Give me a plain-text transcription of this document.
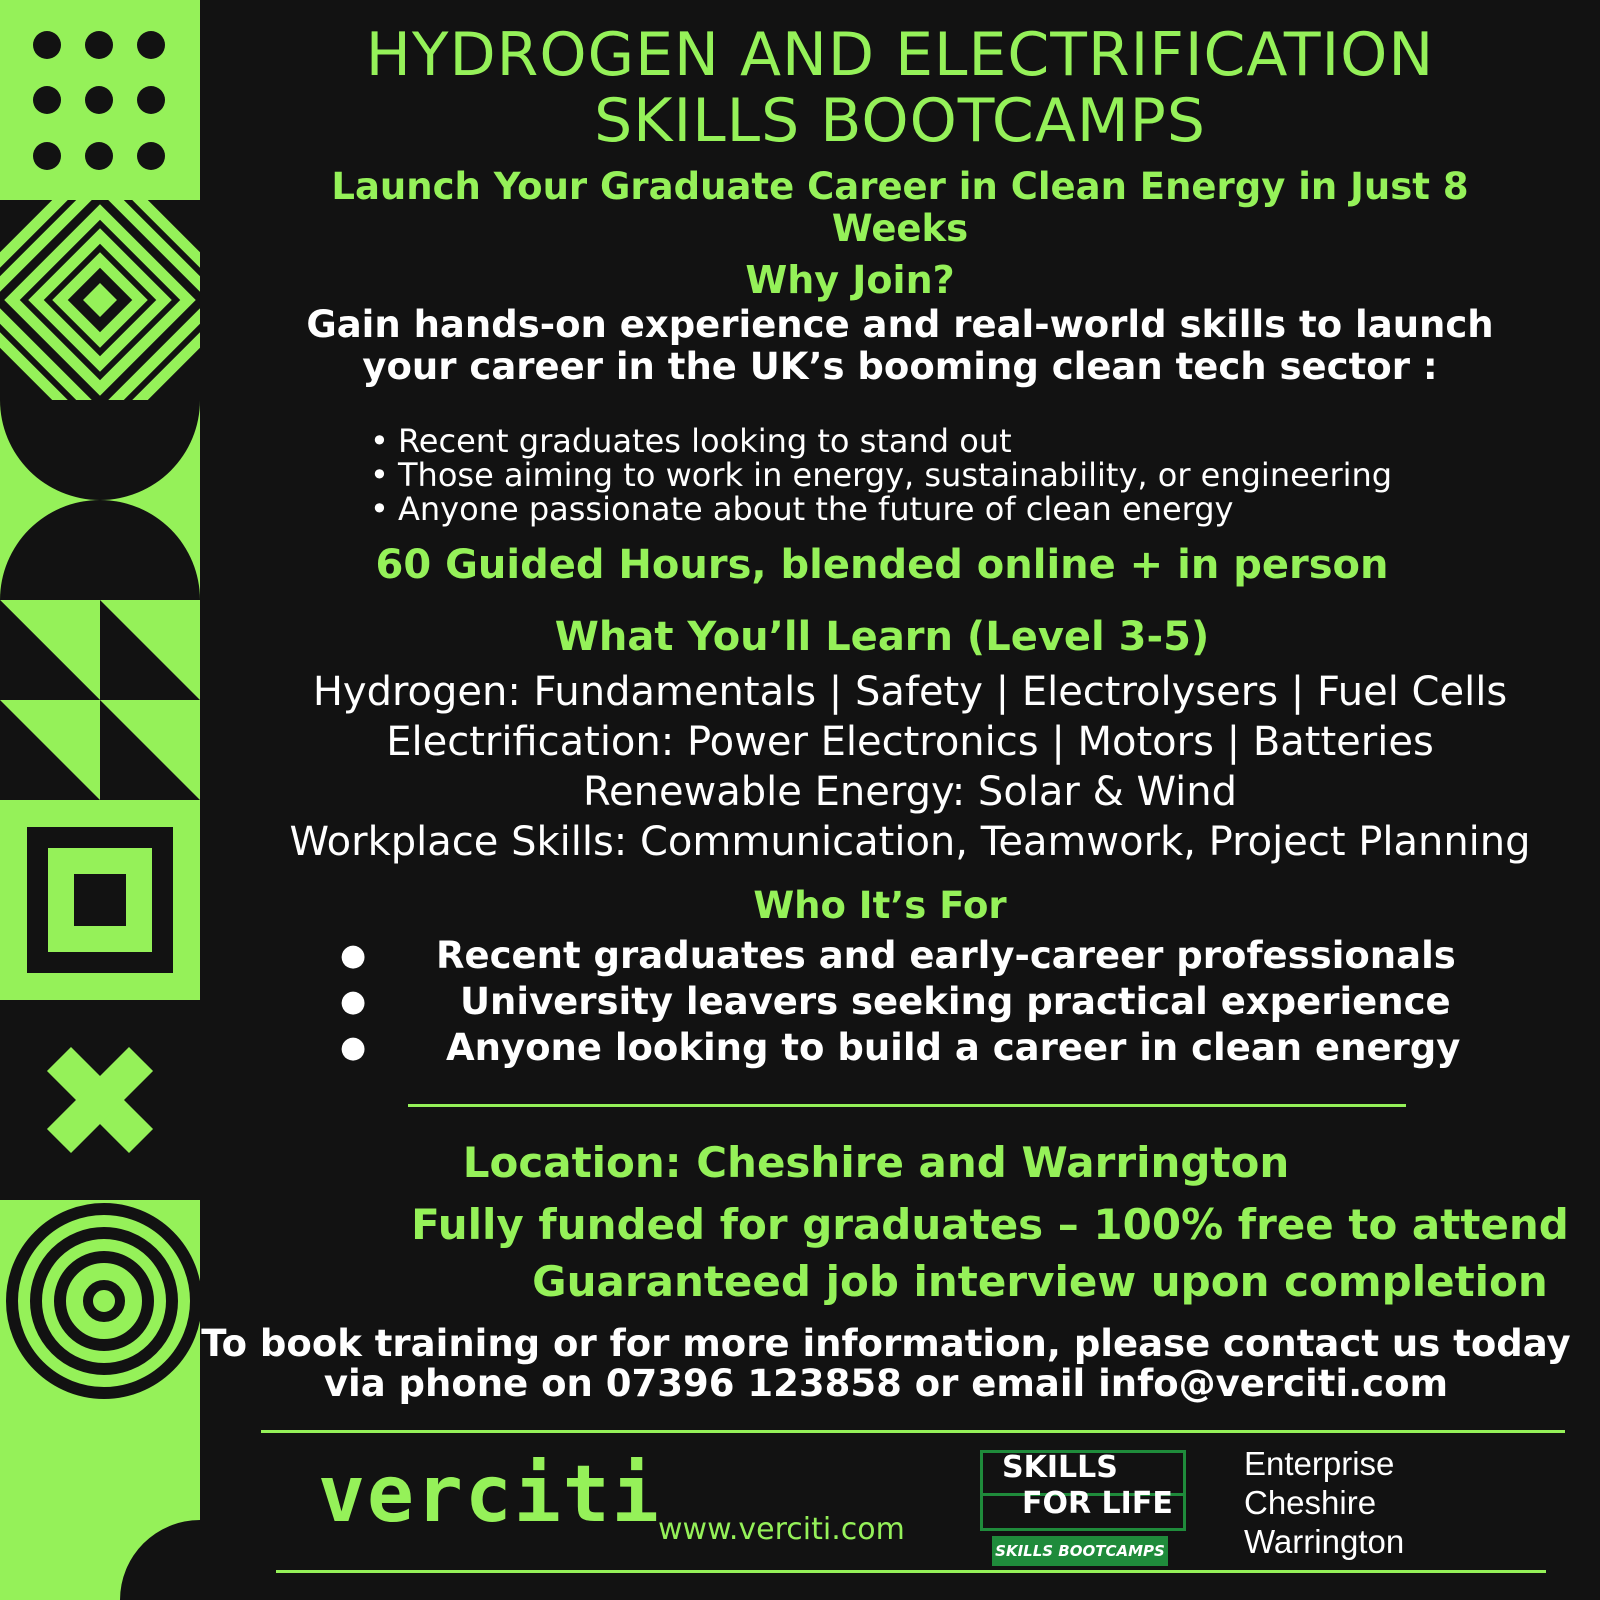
HYDROGEN AND ELECTRIFICATION
SKILLS BOOTCAMPS
Launch Your Graduate Career in Clean Energy in Just 8
Weeks
Why Join?
Gain hands-on experience and real-world skills to launch
your career in the UK’s booming clean tech sector :
• Recent graduates looking to stand out
• Those aiming to work in energy, sustainability, or engineering
• Anyone passionate about the future of clean energy
60 Guided Hours, blended online + in person
What You’ll Learn (Level 3-5)
Hydrogen: Fundamentals | Safety | Electrolysers | Fuel Cells
Electrification: Power Electronics | Motors | Batteries
Renewable Energy: Solar & Wind
Workplace Skills: Communication, Teamwork, Project Planning
Who It’s For
● Recent graduates and early-career professionals
●	University leavers seeking practical experience
● Anyone looking to build a career in clean energy
Location: Cheshire and Warrington
Fully funded for graduates – 100% free to attend
Guaranteed job interview upon completion
To book training or for more information, please contact us today
via phone on 07396 123858 or email info@verciti.com
verciti
www.verciti.com
SKILLS
FOR LIFE
SKILLS BOOTCAMPS
Enterprise
Cheshire
Warrington
